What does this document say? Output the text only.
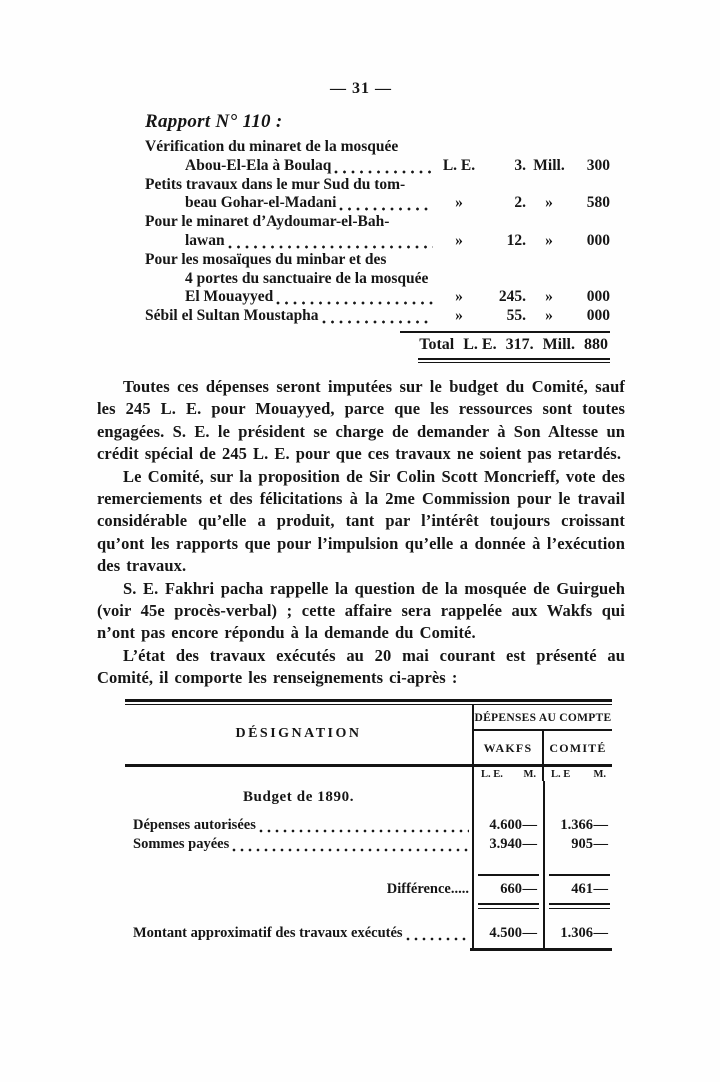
— 31 —
Rapport N° 110 :
Vérification du minaret de la mosquée
Abou-El-Ela à Boulaq	L. E.	3. Mill.	300
Petits travaux dans le mur Sud du tom-
beau Gohar-el-Madani	»	2.	»	580
Pour le minaret d’Aydoumar-el-Bah-
lawan	»	12.	»	000
Pour les mosaïques du minbar et des
4 portes du sanctuaire de la mosquée
El Mouayyed	»	245.	»	000
Sébil el Sultan Moustapha	»	55.	»	000
Total L. E. 317. Mill. 880

Toutes ces dépenses seront imputées sur le budget du Comité, sauf les 245 L. E. pour Mouayyed, parce que les ressources sont toutes engagées. S. E. le président se charge de demander à Son Altesse un crédit spécial de 245 L. E. pour que ces travaux ne soient pas retardés.

Le Comité, sur la proposition de Sir Colin Scott Moncrieff, vote des remerciements et des félicitations à la 2me Commission pour le travail considérable qu’elle a produit, tant par l’intérêt toujours croissant qu’ont les rapports que pour l’impulsion qu’elle a donnée à l’exécution des travaux.

S. E. Fakhri pacha rappelle la question de la mosquée de Guirgueh (voir 45e procès-verbal) ; cette affaire sera rappelée aux Wakfs qui n’ont pas encore répondu à la demande du Comité.

L’état des travaux exécutés au 20 mai courant est présenté au Comité, il comporte les renseignements ci-après :

DÉSIGNATION
DÉPENSES AU COMPTE
WAKFS	COMITÉ
L. E. M. L. E M.
Budget de 1890.
Dépenses autorisées	4.600 —	1.366 —
Sommes payées	3.940 —	905 —
Différence.....	660 —	461 —
Montant approximatif des travaux exécutés	4.500 —	1.306 —
